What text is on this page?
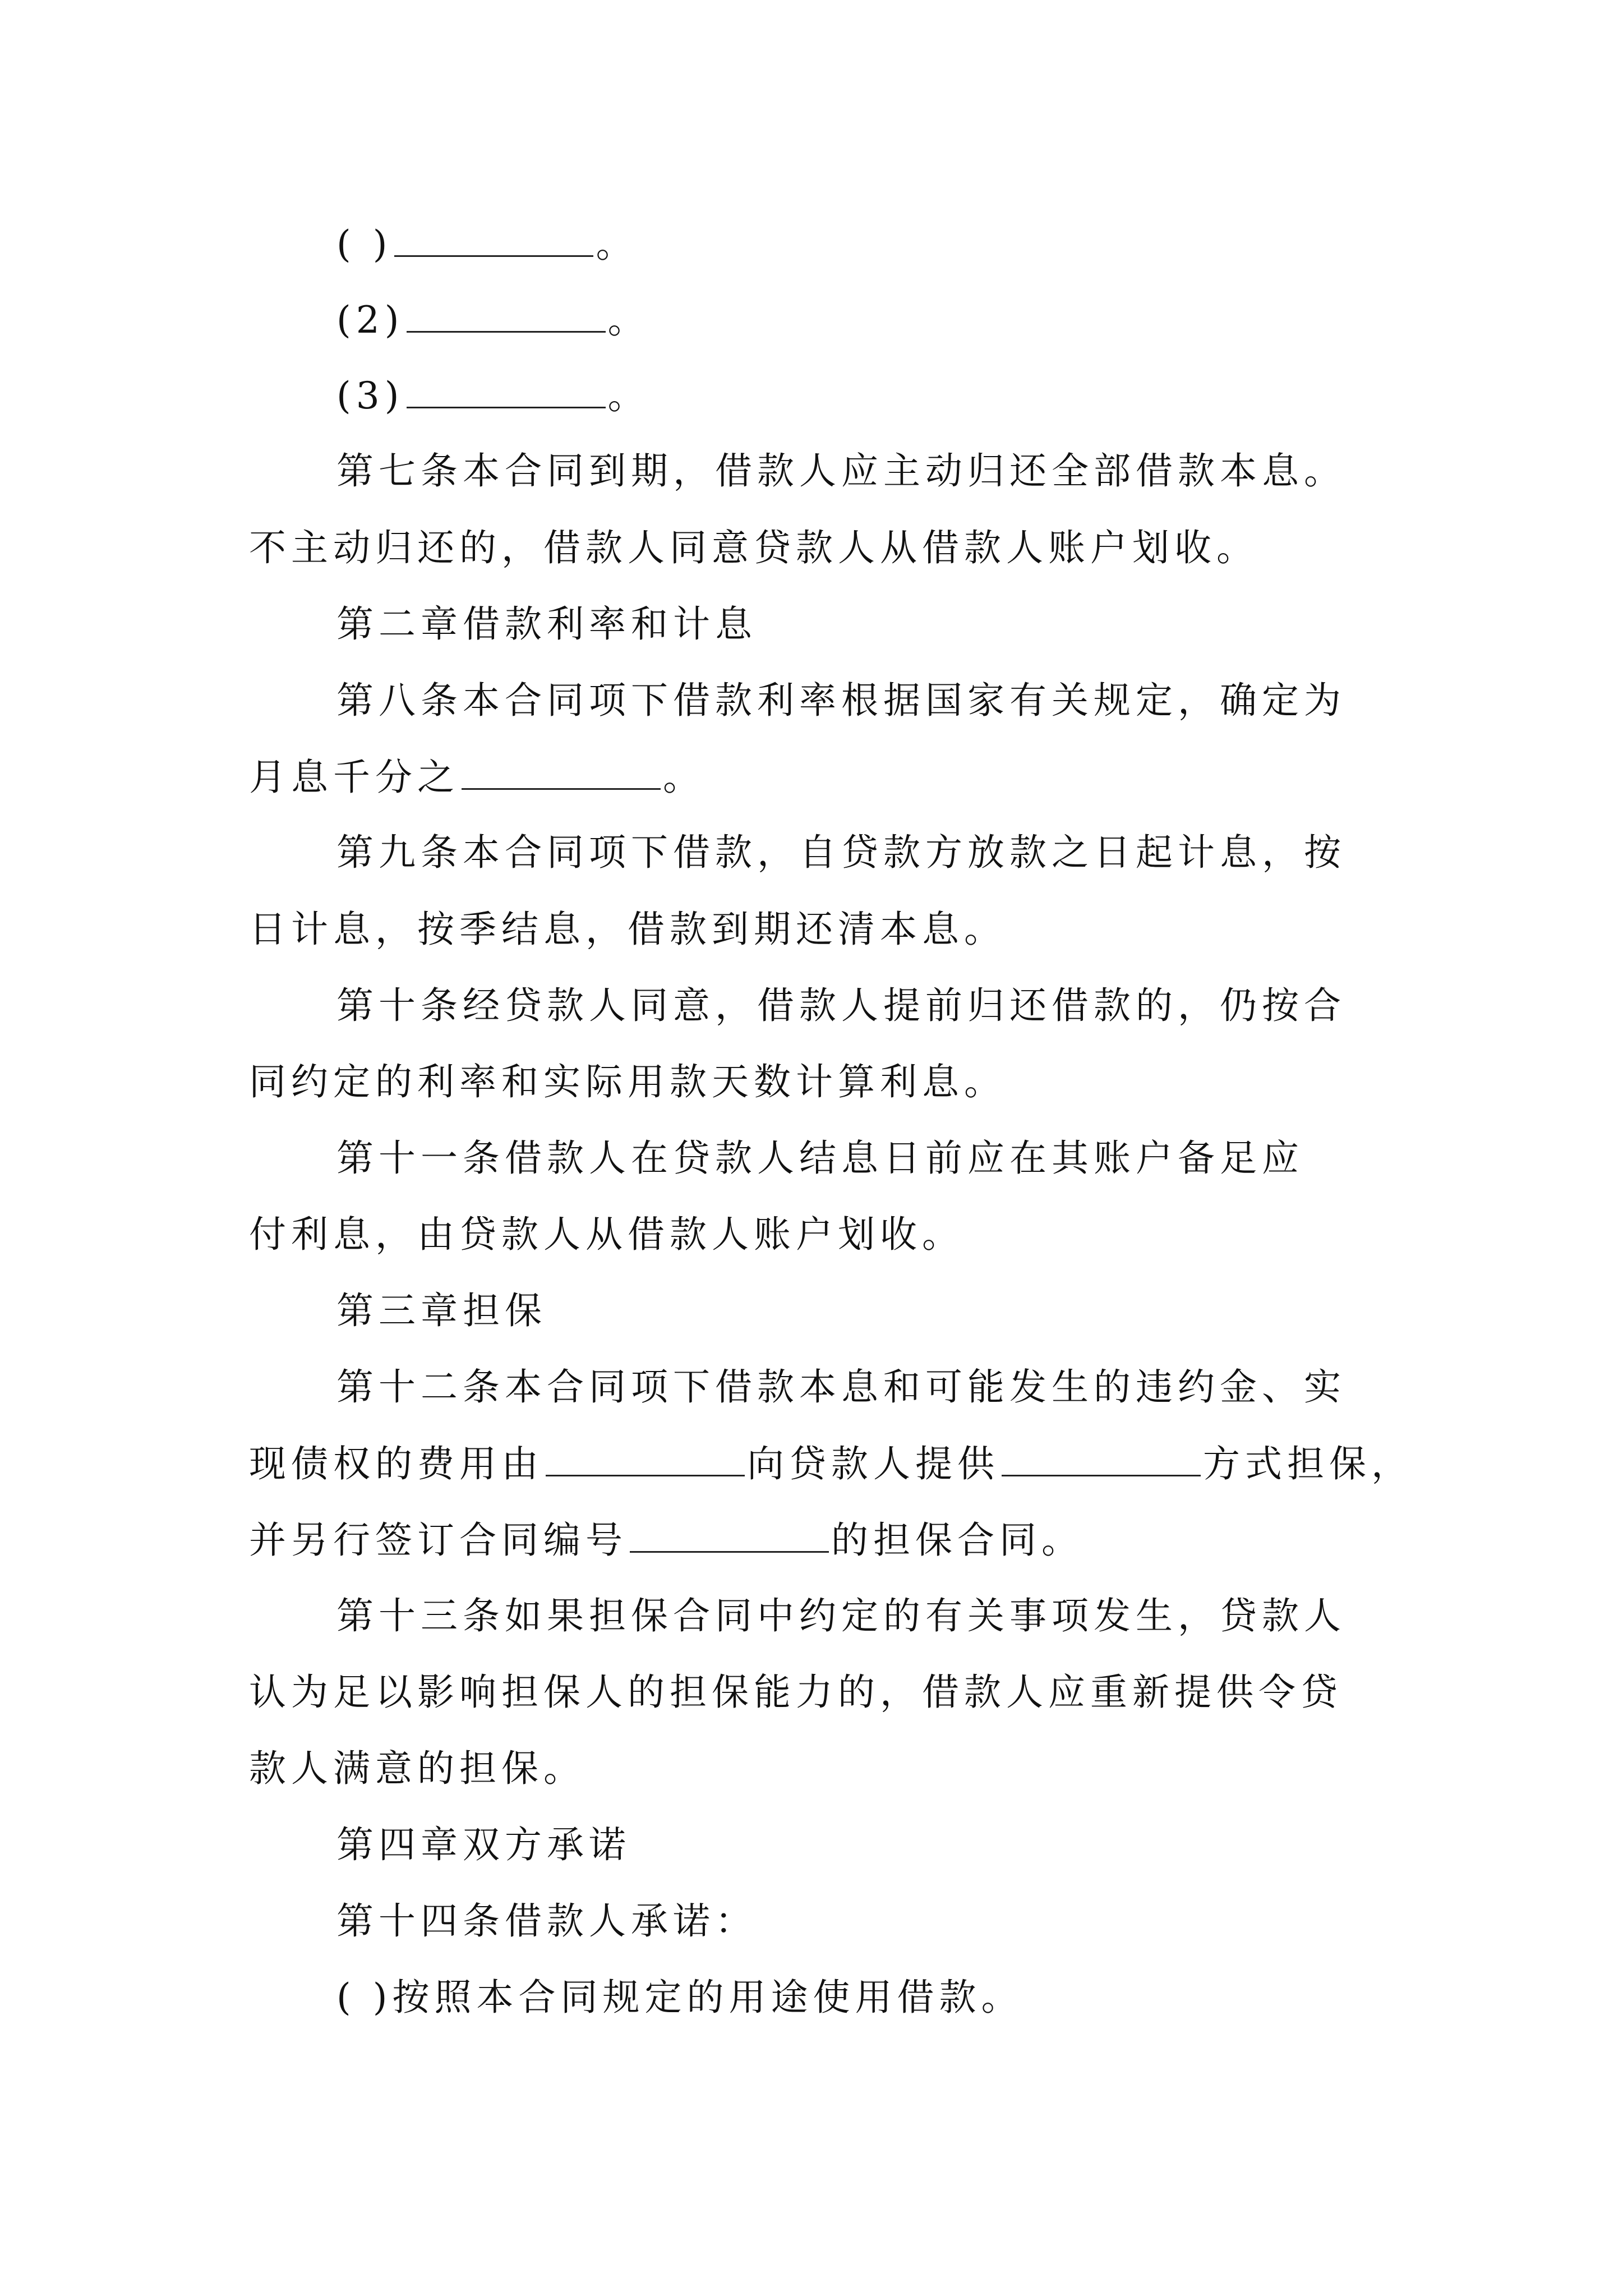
( )	。
(2)	。
(3)	。
第七条本合同到期，借款人应主动归还全部借款本息。
不主动归还的，借款人同意贷款人从借款人账户划收。
第二章借款利率和计息
第八条本合同项下借款利率根据国家有关规定，确定为
月息千分之	。
第九条本合同项下借款，自贷款方放款之日起计息，按
日计息，按季结息，借款到期还清本息。
第十条经贷款人同意，借款人提前归还借款的，仍按合
同约定的利率和实际用款天数计算利息。
第十一条借款人在贷款人结息日前应在其账户备足应
付利息，由贷款人从借款人账户划收。
第三章担保
第十二条本合同项下借款本息和可能发生的违约金、实
现债权的费用由	向贷款人提供	方式担保，
并另行签订合同编号	的担保合同。
第十三条如果担保合同中约定的有关事项发生，贷款人
认为足以影响担保人的担保能力的，借款人应重新提供令贷
款人满意的担保。
第四章双方承诺
第十四条借款人承诺：
( )按照本合同规定的用途使用借款。
